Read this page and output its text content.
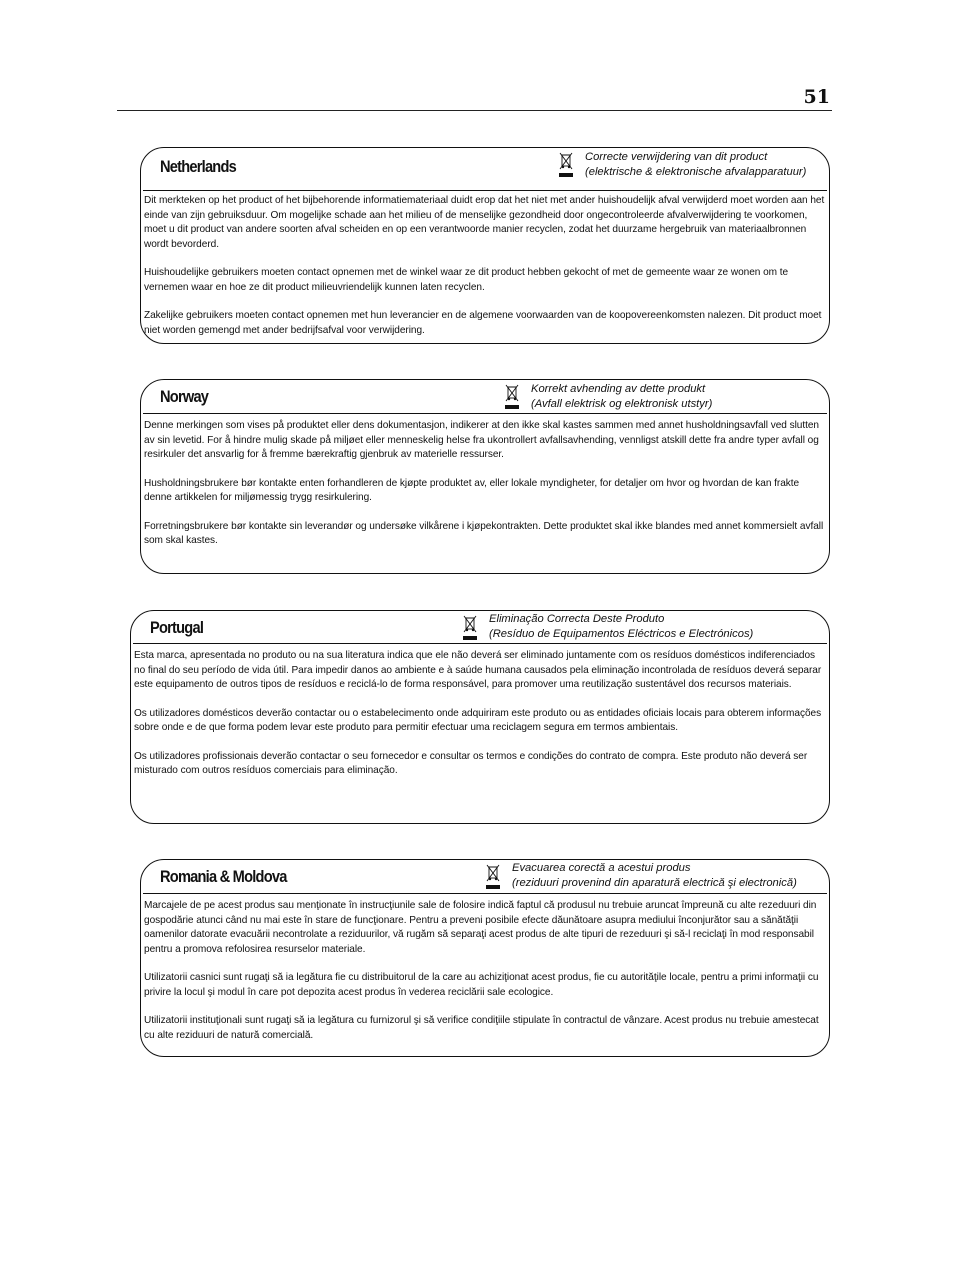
51
Netherlands	Correcte verwijdering van dit product
(elektrische & elektronische afvalapparatuur)

Dit merkteken op het product of het bijbehorende informatiemateriaal duidt erop dat het niet met ander huishoudelijk afval verwijderd moet worden aan het einde van zijn gebruiksduur. Om mogelijke schade aan het milieu of de menselijke gezondheid door ongecontroleerde afvalverwijdering te voorkomen, moet u dit product van andere soorten afval scheiden en op een verantwoorde manier recyclen, zodat het duurzame hergebruik van materiaalbronnen wordt bevorderd.

Huishoudelijke gebruikers moeten contact opnemen met de winkel waar ze dit product hebben gekocht of met de gemeente waar ze wonen om te vernemen waar en hoe ze dit product milieuvriendelijk kunnen laten recyclen.

Zakelijke gebruikers moeten contact opnemen met hun leverancier en de algemene voorwaarden van de koopovereenkomsten nalezen. Dit product moet niet worden gemengd met ander bedrijfsafval voor verwijdering.

Norway	Korrekt avhending av dette produkt
(Avfall elektrisk og elektronisk utstyr)

Denne merkingen som vises på produktet eller dens dokumentasjon, indikerer at den ikke skal kastes sammen med annet husholdningsavfall ved slutten av sin levetid. For å hindre mulig skade på miljøet eller menneskelig helse fra ukontrollert avfallsavhending, vennligst atskill dette fra andre typer avfall og resirkuler det ansvarlig for å fremme bærekraftig gjenbruk av materielle ressurser.

Husholdningsbrukere bør kontakte enten forhandleren de kjøpte produktet av, eller lokale myndigheter, for detaljer om hvor og hvordan de kan frakte denne artikkelen for miljømessig trygg resirkulering.

Forretningsbrukere bør kontakte sin leverandør og undersøke vilkårene i kjøpekontrakten. Dette produktet skal ikke blandes med annet kommersielt avfall som skal kastes.

Portugal	Eliminação Correcta Deste Produto
(Resíduo de Equipamentos Eléctricos e Electrónicos)

Esta marca, apresentada no produto ou na sua literatura indica que ele não deverá ser eliminado juntamente com os resíduos domésticos indiferenciados no final do seu período de vida útil. Para impedir danos ao ambiente e à saúde humana causados pela eliminação incontrolada de resíduos deverá separar este equipamento de outros tipos de resíduos e reciclá-lo de forma responsável, para promover uma reutilização sustentável dos recursos materiais.

Os utilizadores domésticos deverão contactar ou o estabelecimento onde adquiriram este produto ou as entidades oficiais locais para obterem informações sobre onde e de que forma podem levar este produto para permitir efectuar uma reciclagem segura em termos ambientais.

Os utilizadores profissionais deverão contactar o seu fornecedor e consultar os termos e condições do contrato de compra. Este produto não deverá ser misturado com outros resíduos comerciais para eliminação.

Romania & Moldova	Evacuarea corectă a acestui produs
(reziduuri provenind din aparatură electrică şi electronică)

Marcajele de pe acest produs sau menţionate în instrucţiunile sale de folosire indică faptul că produsul nu trebuie aruncat împreună cu alte rezeduuri din gospodărie atunci când nu mai este în stare de funcţionare. Pentru a preveni posibile efecte dăunătoare asupra mediului înconjurător sau a sănătăţii oamenilor datorate evacuării necontrolate a reziduurilor, vă rugăm să separaţi acest produs de alte tipuri de rezeduuri şi să-l reciclaţi în mod responsabil pentru a promova refolosirea resurselor materiale.

Utilizatorii casnici sunt rugaţi să ia legătura fie cu distribuitorul de la care au achiziţionat acest produs, fie cu autorităţile locale, pentru a primi informaţii cu privire la locul şi modul în care pot depozita acest produs în vederea reciclării sale ecologice.

Utilizatorii instituţionali sunt rugaţi să ia legătura cu furnizorul şi să verifice condiţiile stipulate în contractul de vânzare. Acest produs nu trebuie amestecat cu alte reziduuri de natură comercială.
